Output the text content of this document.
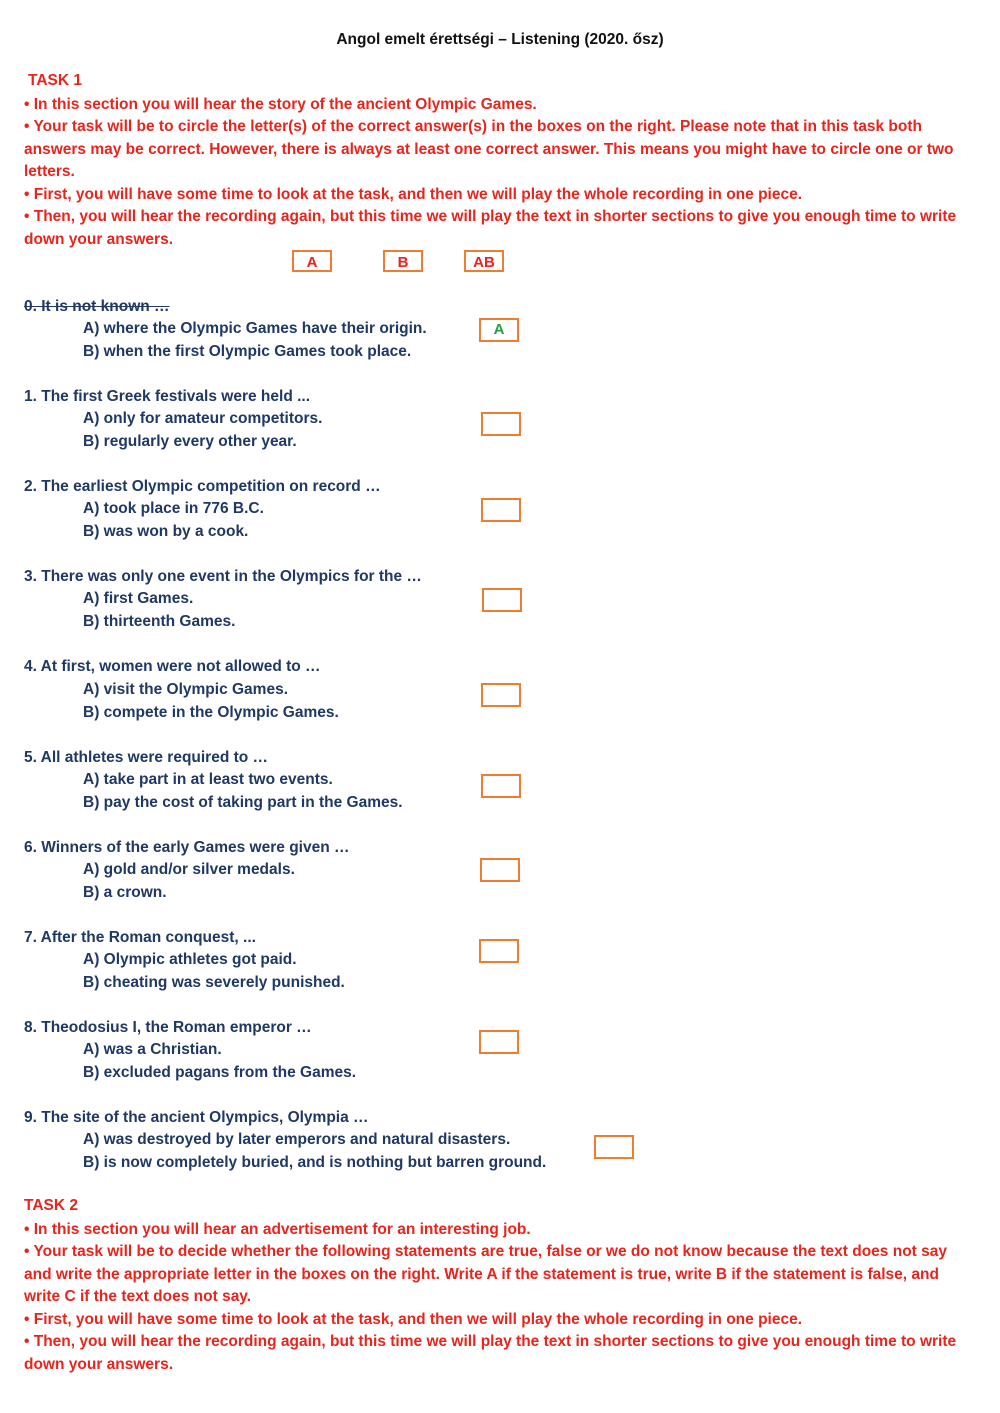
Angol emelt érettségi – Listening (2020. ősz)
TASK 1
• In this section you will hear the story of the ancient Olympic Games.
• Your task will be to circle the letter(s) of the correct answer(s) in the boxes on the right. Please note that in this task both answers may be correct. However, there is always at least one correct answer. This means you might have to circle one or two letters.
• First, you will have some time to look at the task, and then we will play the whole recording in one piece.
• Then, you will hear the recording again, but this time we will play the text in shorter sections to give you enough time to write down your answers.
A	B	AB
0. It is not known …
A) where the Olympic Games have their origin.
B) when the first Olympic Games took place.
A
1. The first Greek festivals were held ...
A) only for amateur competitors.
B) regularly every other year.
2. The earliest Olympic competition on record …
A) took place in 776 B.C.
B) was won by a cook.
3. There was only one event in the Olympics for the …
A) first Games.
B) thirteenth Games.
4. At first, women were not allowed to …
A) visit the Olympic Games.
B) compete in the Olympic Games.
5. All athletes were required to …
A) take part in at least two events.
B) pay the cost of taking part in the Games.
6. Winners of the early Games were given …
A) gold and/or silver medals.
B) a crown.
7. After the Roman conquest, ...
A) Olympic athletes got paid.
B) cheating was severely punished.
8. Theodosius I, the Roman emperor …
A) was a Christian.
B) excluded pagans from the Games.
9. The site of the ancient Olympics, Olympia …
A) was destroyed by later emperors and natural disasters.
B) is now completely buried, and is nothing but barren ground.
TASK 2
• In this section you will hear an advertisement for an interesting job.
• Your task will be to decide whether the following statements are true, false or we do not know because the text does not say and write the appropriate letter in the boxes on the right. Write A if the statement is true, write B if the statement is false, and write C if the text does not say.
• First, you will have some time to look at the task, and then we will play the whole recording in one piece.
• Then, you will hear the recording again, but this time we will play the text in shorter sections to give you enough time to write down your answers.
